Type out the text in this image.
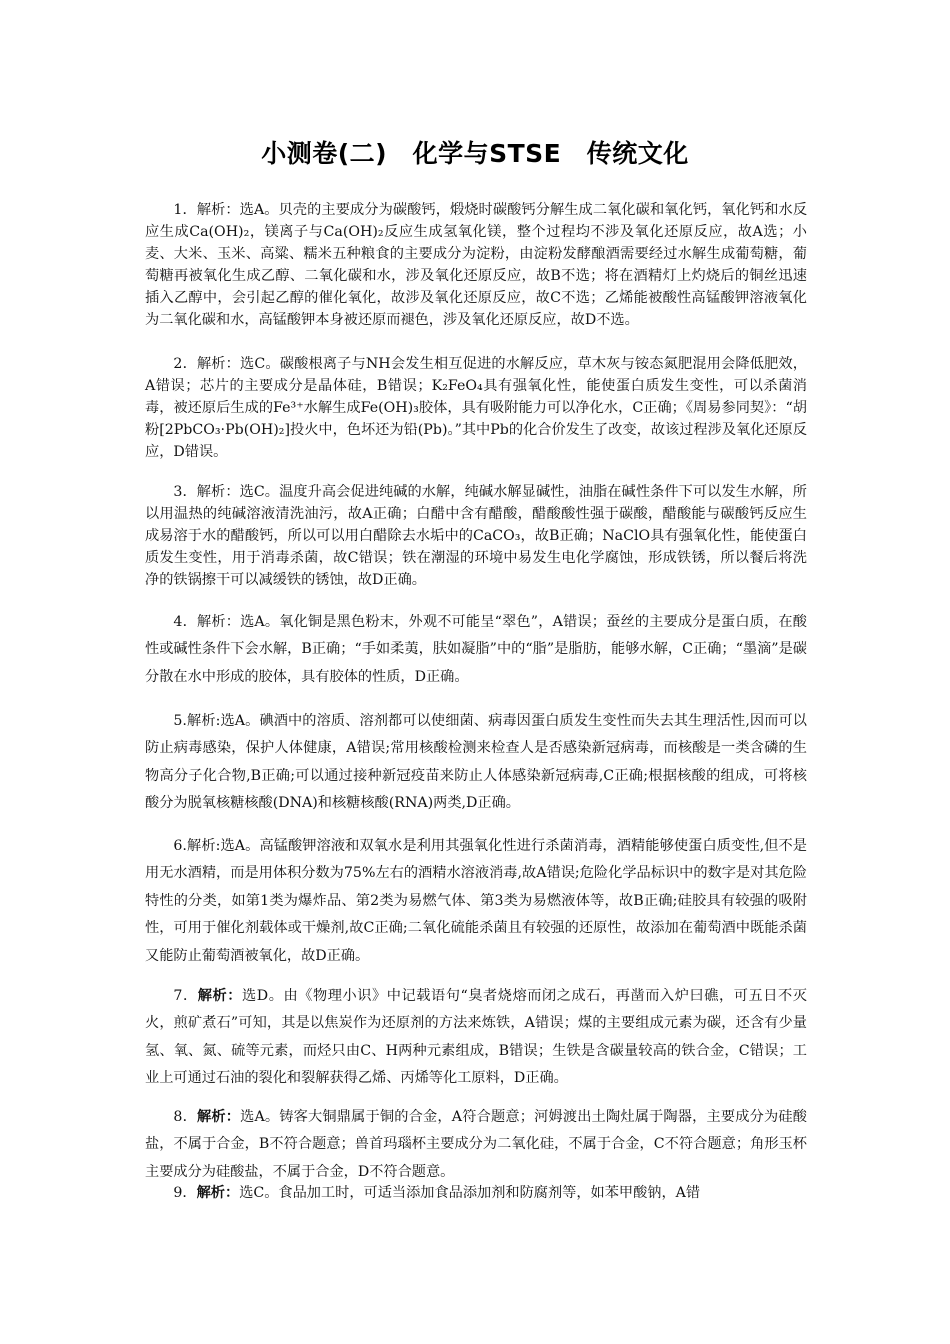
小测卷(二)　化学与STSE　传统文化

1．解析：选A。贝壳的主要成分为碳酸钙，煅烧时碳酸钙分解生成二氧化碳和氧化钙，氧化钙和水反应生成Ca(OH)₂，镁离子与Ca(OH)₂反应生成氢氧化镁，整个过程均不涉及氧化还原反应，故A选；小麦、大米、玉米、高粱、糯米五种粮食的主要成分为淀粉，由淀粉发酵酿酒需要经过水解生成葡萄糖，葡萄糖再被氧化生成乙醇、二氧化碳和水，涉及氧化还原反应，故B不选；将在酒精灯上灼烧后的铜丝迅速插入乙醇中，会引起乙醇的催化氧化，故涉及氧化还原反应，故C不选；乙烯能被酸性高锰酸钾溶液氧化为二氧化碳和水，高锰酸钾本身被还原而褪色，涉及氧化还原反应，故D不选。

2．解析：选C。碳酸根离子与NH会发生相互促进的水解反应，草木灰与铵态氮肥混用会降低肥效，A错误；芯片的主要成分是晶体硅，B错误；K₂FeO₄具有强氧化性，能使蛋白质发生变性，可以杀菌消毒，被还原后生成的Fe³⁺水解生成Fe(OH)₃胶体，具有吸附能力可以净化水，C正确；《周易参同契》：“胡粉[2PbCO₃·Pb(OH)₂]投火中，色坏还为铅(Pb)。”其中Pb的化合价发生了改变，故该过程涉及氧化还原反应，D错误。

3．解析：选C。温度升高会促进纯碱的水解，纯碱水解显碱性，油脂在碱性条件下可以发生水解，所以用温热的纯碱溶液清洗油污，故A正确；白醋中含有醋酸，醋酸酸性强于碳酸，醋酸能与碳酸钙反应生成易溶于水的醋酸钙，所以可以用白醋除去水垢中的CaCO₃，故B正确；NaClO具有强氧化性，能使蛋白质发生变性，用于消毒杀菌，故C错误；铁在潮湿的环境中易发生电化学腐蚀，形成铁锈，所以餐后将洗净的铁锅擦干可以减缓铁的锈蚀，故D正确。

4．解析：选A。氧化铜是黑色粉末，外观不可能呈“翠色”，A错误；蚕丝的主要成分是蛋白质，在酸性或碱性条件下会水解，B正确；“手如柔荑，肤如凝脂”中的“脂”是脂肪，能够水解，C正确；“墨滴”是碳分散在水中形成的胶体，具有胶体的性质，D正确。

5.解析:选A。碘酒中的溶质、溶剂都可以使细菌、病毒因蛋白质发生变性而失去其生理活性,因而可以防止病毒感染，保护人体健康，A错误;常用核酸检测来检查人是否感染新冠病毒，而核酸是一类含磷的生物高分子化合物,B正确;可以通过接种新冠疫苗来防止人体感染新冠病毒,C正确;根据核酸的组成，可将核酸分为脱氧核糖核酸(DNA)和核糖核酸(RNA)两类,D正确。

6.解析:选A。高锰酸钾溶液和双氧水是利用其强氧化性进行杀菌消毒，酒精能够使蛋白质变性,但不是用无水酒精，而是用体积分数为75%左右的酒精水溶液消毒,故A错误;危险化学品标识中的数字是对其危险特性的分类，如第1类为爆炸品、第2类为易燃气体、第3类为易燃液体等，故B正确;硅胶具有较强的吸附性，可用于催化剂载体或干燥剂,故C正确;二氧化硫能杀菌且有较强的还原性，故添加在葡萄酒中既能杀菌又能防止葡萄酒被氧化，故D正确。

7．解析：选D。由《物理小识》中记载语句“臭者烧熔而闭之成石，再凿而入炉曰礁，可五日不灭火，煎矿煮石”可知，其是以焦炭作为还原剂的方法来炼铁，A错误；煤的主要组成元素为碳，还含有少量氢、氧、氮、硫等元素，而烃只由C、H两种元素组成，B错误；生铁是含碳量较高的铁合金，C错误；工业上可通过石油的裂化和裂解获得乙烯、丙烯等化工原料，D正确。

8．解析：选A。铸客大铜鼎属于铜的合金，A符合题意；河姆渡出土陶灶属于陶器，主要成分为硅酸盐，不属于合金，B不符合题意；兽首玛瑙杯主要成分为二氧化硅，不属于合金，C不符合题意；角形玉杯主要成分为硅酸盐，不属于合金，D不符合题意。

9．解析：选C。食品加工时，可适当添加食品添加剂和防腐剂等，如苯甲酸钠，A错
